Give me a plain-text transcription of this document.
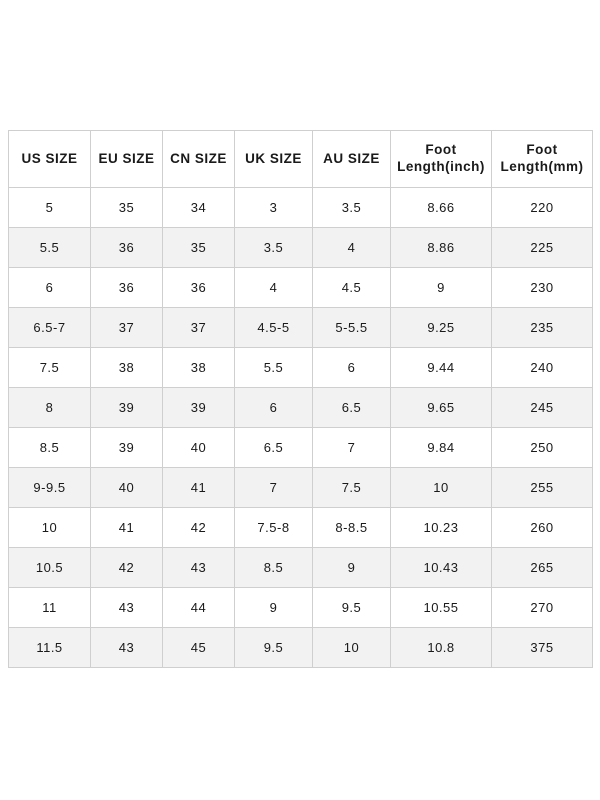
US SIZE	EU SIZE	CN SIZE	UK SIZE	AU SIZE	Foot Length(inch)	Foot Length(mm)
5	35	34	3	3.5	8.66	220
5.5	36	35	3.5	4	8.86	225
6	36	36	4	4.5	9	230
6.5-7	37	37	4.5-5	5-5.5	9.25	235
7.5	38	38	5.5	6	9.44	240
8	39	39	6	6.5	9.65	245
8.5	39	40	6.5	7	9.84	250
9-9.5	40	41	7	7.5	10	255
10	41	42	7.5-8	8-8.5	10.23	260
10.5	42	43	8.5	9	10.43	265
11	43	44	9	9.5	10.55	270
11.5	43	45	9.5	10	10.8	375
